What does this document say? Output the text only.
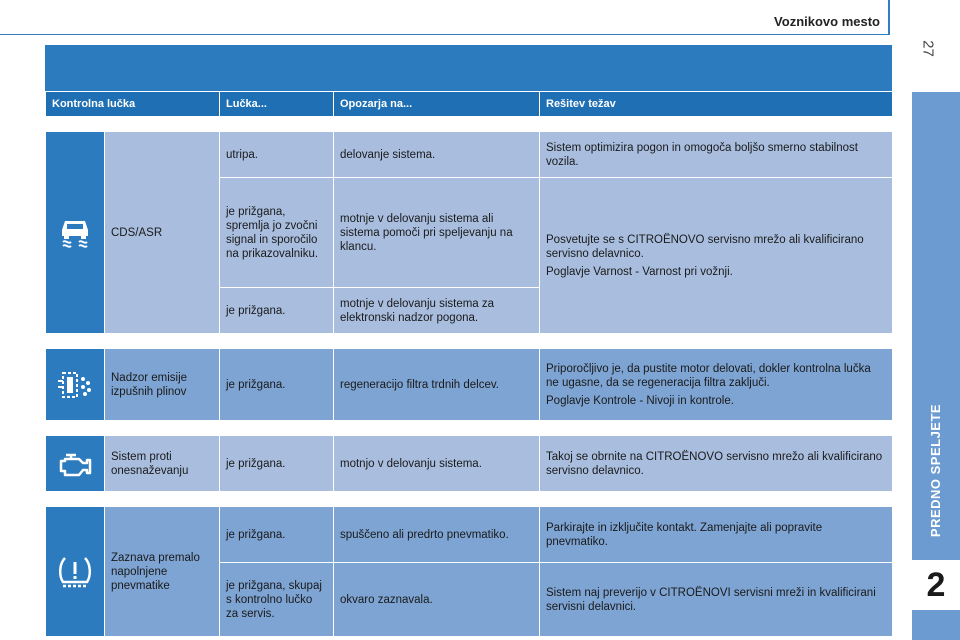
Voznikovo mesto
27
PREDNO SPELJETE
2
Kontrolna lučka		Lučka...	Opozarja na...	Rešitev težav

	CDS/ASR	utripa.	delovanje sistema.	Sistem optimizira pogon in omogoča boljšo smerno stabilnost vozila.

		je prižgana, spremlja jo zvočni signal in sporočilo na prikazovalniku.	motnje v delovanju sistema ali sistema pomoči pri speljevanju na klancu.	Posvetujte se s CITROËNOVO servisno mrežo ali kvalificirano servisno delavnico.

Poglavje Varnost - Varnost pri vožnji.

		je prižgana.	motnje v delovanju sistema za elektronski nadzor pogona.	

	Nadzor emisije izpušnih plinov	je prižgana.	regeneracijo filtra trdnih delcev.	Priporočljivo je, da pustite motor delovati, dokler kontrolna lučka ne ugasne, da se regeneracija filtra zaključi.

Poglavje Kontrole - Nivoji in kontrole.

	Sistem proti onesnaževanju	je prižgana.	motnjo v delovanju sistema.	Takoj se obrnite na CITROËNOVO servisno mrežo ali kvalificirano servisno delavnico.

	Zaznava premalo napolnjene pnevmatike	je prižgana.	spuščeno ali predrto pnevmatiko.	Parkirajte in izključite kontakt. Zamenjajte ali popravite pnevmatiko.

		je prižgana, skupaj s kontrolno lučko za servis.	okvaro zaznavala.	Sistem naj preverijo v CITROËNOVI servisni mreži in kvalificirani servisni delavnici.
